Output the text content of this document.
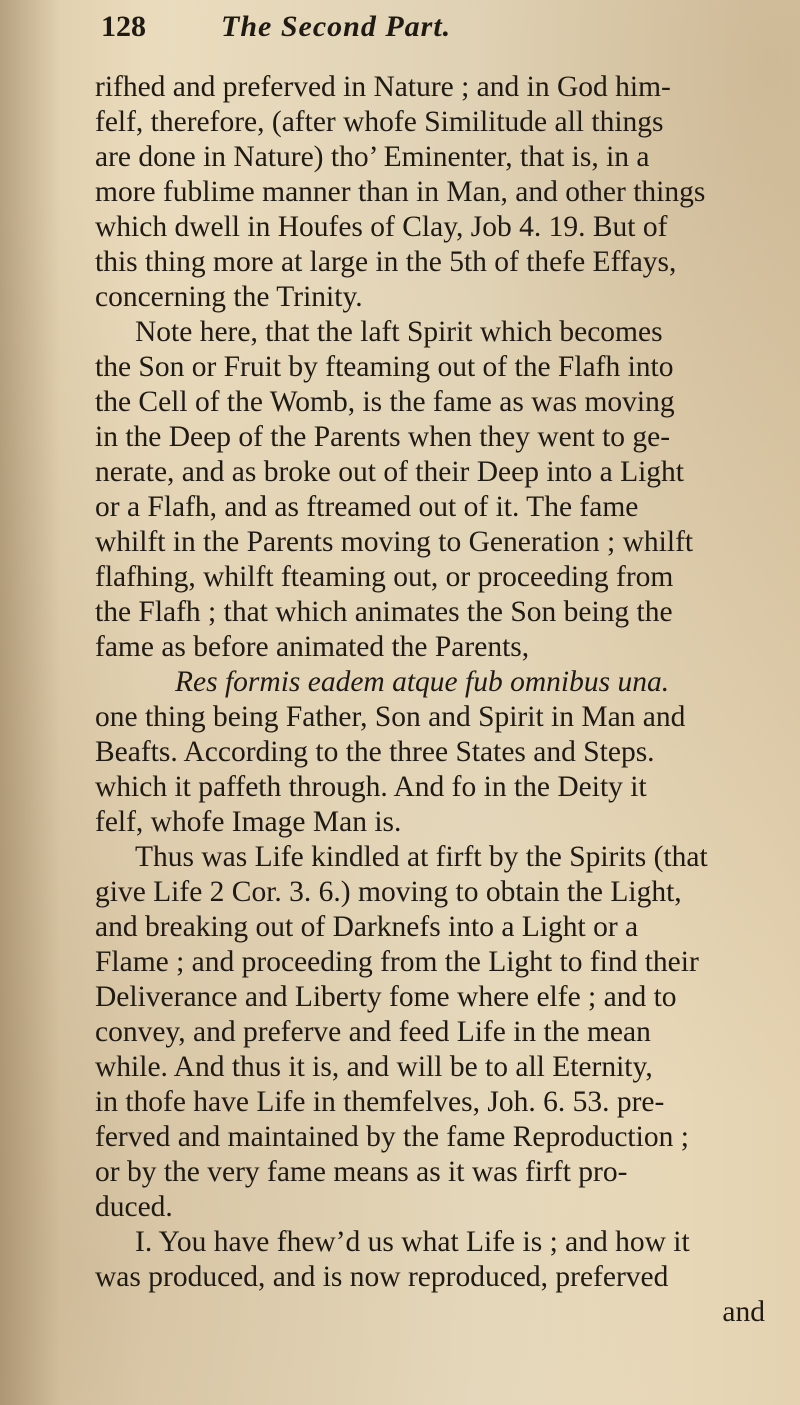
128	The Second Part.
rifhed and preferved in Nature ; and in God him-
felf, therefore, (after whofe Similitude all things
are done in Nature) tho’ Eminenter, that is, in a
more fublime manner than in Man, and other things
which dwell in Houfes of Clay, Job 4. 19. But of
this thing more at large in the 5th of thefe Effays,
concerning the Trinity.
Note here, that the laft Spirit which becomes
the Son or Fruit by fteaming out of the Flafh into
the Cell of the Womb, is the fame as was moving
in the Deep of the Parents when they went to ge-
nerate, and as broke out of their Deep into a Light
or a Flafh, and as ftreamed out of it. The fame
whilft in the Parents moving to Generation ; whilft
flafhing, whilft fteaming out, or proceeding from
the Flafh ; that which animates the Son being the
fame as before animated the Parents,
Res formis eadem atque fub omnibus una.
one thing being Father, Son and Spirit in Man and
Beafts. According to the three States and Steps.
which it paffeth through. And fo in the Deity it
felf, whofe Image Man is.
Thus was Life kindled at firft by the Spirits (that
give Life 2 Cor. 3. 6.) moving to obtain the Light,
and breaking out of Darknefs into a Light or a
Flame ; and proceeding from the Light to find their
Deliverance and Liberty fome where elfe ; and to
convey, and preferve and feed Life in the mean
while. And thus it is, and will be to all Eternity,
in thofe have Life in themfelves, Joh. 6. 53. pre-
ferved and maintained by the fame Reproduction ;
or by the very fame means as it was firft pro-
duced.
I. You have fhew’d us what Life is ; and how it
was produced, and is now reproduced, preferved
and
